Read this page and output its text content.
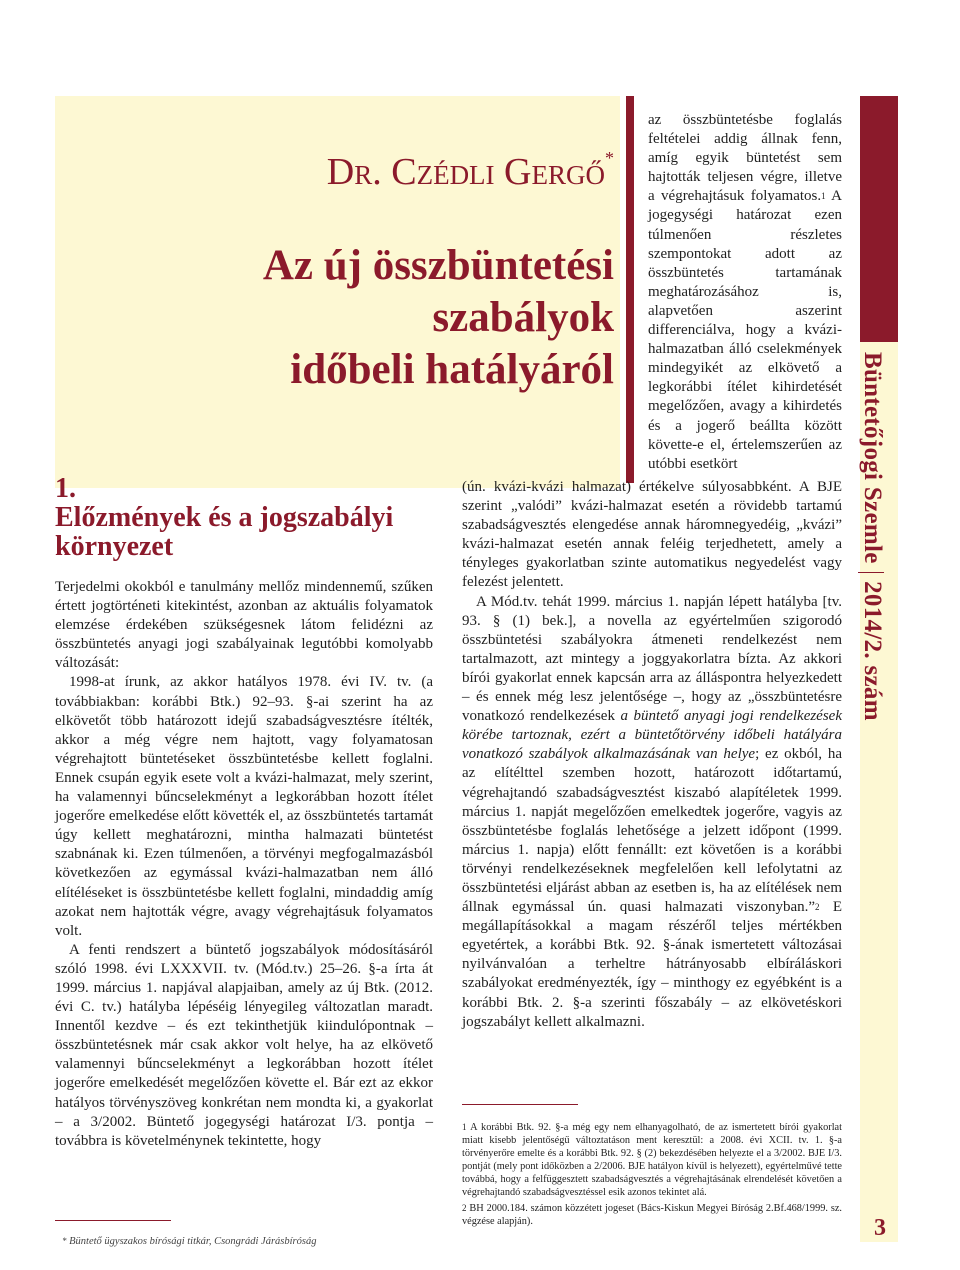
Dr. Czédli Gergő*
Az új összbüntetési
szabályok
időbeli hatályáról
1.
Előzmények és a jogszabályi
környezet

Terjedelmi okokból e tanulmány mellőz mindennemű, szűken értett jogtörténeti kitekintést, azonban az aktuális folyamatok elemzése érdekében szükségesnek látom felidézni az összbüntetés anyagi jogi szabályainak legutóbbi komolyabb változását:

1998-at írunk, az akkor hatályos 1978. évi IV. tv. (a továbbiakban: korábbi Btk.) 92–93. §-ai szerint ha az elkövetőt több határozott idejű szabadságvesztésre ítélték, akkor a még végre nem hajtott, vagy folyamatosan végrehajtott büntetéseket összbüntetésbe kellett foglalni. Ennek csupán egyik esete volt a kvázi-halmazat, mely szerint, ha valamennyi bűncselekményt a legkorábban hozott ítélet jogerőre emelkedése előtt követték el, az összbüntetés tartamát úgy kellett meghatározni, mintha halmazati büntetést szabnának ki. Ezen túlmenően, a törvényi megfogalmazásból következően az egymással kvázi-halmazatban nem álló elítéléseket is összbüntetésbe kellett foglalni, mindaddig amíg azokat nem hajtották végre, avagy végrehajtásuk folyamatos volt.

A fenti rendszert a büntető jogszabályok módosításáról szóló 1998. évi LXXXVII. tv. (Mód.tv.) 25–26. §-a írta át 1999. március 1. napjával alapjaiban, amely az új Btk. (2012. évi C. tv.) hatályba lépéséig lényegileg változatlan maradt. Innentől kezdve – és ezt tekinthetjük kiindulópontnak – összbüntetésnek már csak akkor volt helye, ha az elkövető valamennyi bűncselekményt a legkorábban hozott ítélet jogerőre emelkedését megelőzően követte el. Bár ezt az ekkor hatályos törvényszöveg konkrétan nem mondta ki, a gyakorlat – a 3/2002. Büntető jogegységi határozat I/3. pontja – továbbra is követelménynek tekintette, hogy

az összbüntetésbe foglalás feltételei addig állnak fenn, amíg egyik büntetést sem hajtották teljesen végre, illetve a végrehajtásuk folyamatos.$^1$ A jogegységi határozat ezen túlmenően részletes szempontokat adott az összbüntetés tartamának meghatározásához is, alapvetően aszerint differenciálva, hogy a kvázi-halmazatban álló cselekmények mindegyikét az elkövető a legkorábbi ítélet kihirdetését megelőzően, avagy a kihirdetés és a jogerő beállta között követte-e el, értelemszerűen az utóbbi esetkört

(ún. kvázi-kvázi halmazat) értékelve súlyosabbként. A BJE szerint „valódi” kvázi-halmazat esetén a rövidebb tartamú szabadságvesztés elengedése annak háromnegyedéig, „kvázi” kvázi-halmazat esetén annak feléig terjedhetett, amely a tényleges gyakorlatban szinte automatikus negyedelést vagy felezést jelentett.

A Mód.tv. tehát 1999. március 1. napján lépett hatályba [tv. 93. § (1) bek.], a novella az egyértelműen szigorodó összbüntetési szabályokra átmeneti rendelkezést nem tartalmazott, azt mintegy a joggyakorlatra bízta. Az akkori bírói gyakorlat ennek kapcsán arra az álláspontra helyezkedett – és ennek még lesz jelentősége –, hogy az „összbüntetésre vonatkozó rendelkezések a büntető anyagi jogi rendelkezések körébe tartoznak, ezért a büntetőtörvény időbeli hatályára vonatkozó szabályok alkalmazásának van helye; ez okból, ha az elítélttel szemben hozott, határozott időtartamú, végrehajtandó szabadságvesztést kiszabó alapítéletek 1999. március 1. napját megelőzően emelkedtek jogerőre, vagyis az összbüntetésbe foglalás lehetősége a jelzett időpont (1999. március 1. napja) előtt fennállt: ezt követően is a korábbi törvényi rendelkezéseknek megfelelően kell lefolytatni az összbüntetési eljárást abban az esetben is, ha az elítélések nem állnak egymással ún. quasi halmazati viszonyban.”$^2$ E megállapításokkal a magam részéről teljes mértékben egyetértek, a korábbi Btk. 92. §-ának ismertetett változásai nyilvánvalóan a terheltre hátrányosabb elbíráláskori szabályokat eredményezték, így – minthogy ez egyébként is a korábbi Btk. 2. §-a szerinti főszabály – az elkövetéskori jogszabályt kellett alkalmazni.

1 A korábbi Btk. 92. §-a még egy nem elhanyagolható, de az ismertetett bírói gyakorlat miatt kisebb jelentőségű változtatáson ment keresztül: a 2008. évi XCII. tv. 1. §-a törvényerőre emelte és a korábbi Btk. 92. § (2) bekezdésében helyezte el a 3/2002. BJE I/3. pontját (mely pont időközben a 2/2006. BJE hatályon kívül is helyezett), egyértelművé tette továbbá, hogy a felfüggesztett szabadságvesztés a végrehajtásának elrendelését követően a végrehajtandó szabadságvesztéssel esik azonos tekintet alá.

2 BH 2000.184. számon közzétett jogeset (Bács-Kiskun Megyei Bíróság 2.Bf.468/1999. sz. végzése alapján).

* Büntető ügyszakos bírósági titkár, Csongrádi Járásbíróság
Büntetőjogi Szemle2014/2. szám
3
